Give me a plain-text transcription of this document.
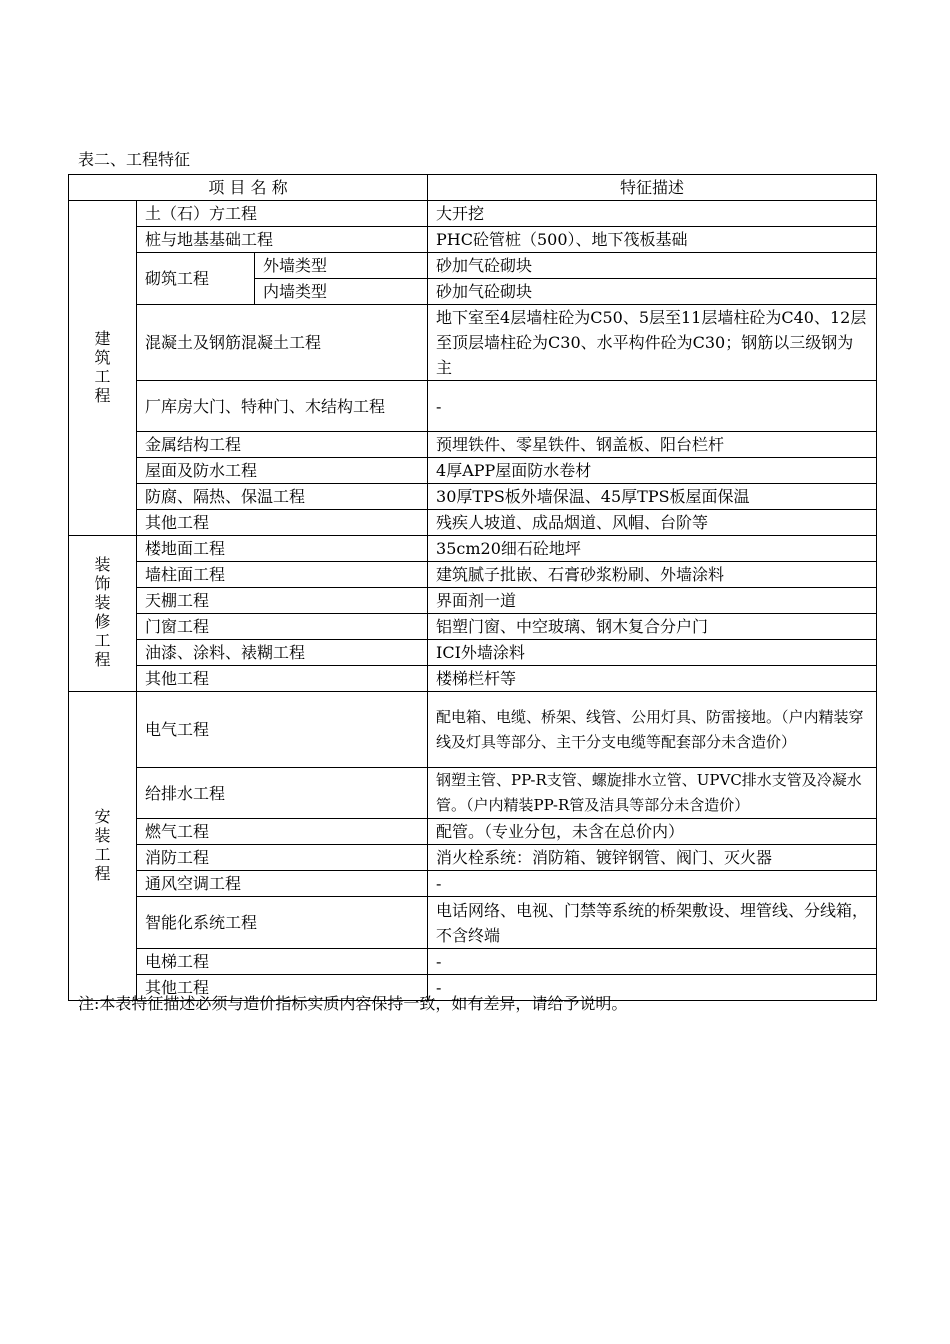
表二、工程特征
项 目 名 称			特征描述
建筑工程	土（石）方工程		大开挖
	桩与地基基础工程		PHC砼管桩（500）、地下筏板基础
	砌筑工程	外墙类型	砂加气砼砌块
		内墙类型	砂加气砼砌块
	混凝土及钢筋混凝土工程		地下室至4层墙柱砼为C50、5层至11层墙柱砼为C40、12层至顶层墙柱砼为C30、水平构件砼为C30；钢筋以三级钢为主
	厂库房大门、特种门、木结构工程		-
	金属结构工程		预埋铁件、零星铁件、钢盖板、阳台栏杆
	屋面及防水工程		4厚APP屋面防水卷材
	防腐、隔热、保温工程		30厚TPS板外墙保温、45厚TPS板屋面保温
	其他工程		残疾人坡道、成品烟道、风帽、台阶等
装饰装修工程	楼地面工程		35cm20细石砼地坪
	墙柱面工程		建筑腻子批嵌、石膏砂浆粉刷、外墙涂料
	天棚工程		界面剂一道
	门窗工程		铝塑门窗、中空玻璃、钢木复合分户门
	油漆、涂料、裱糊工程		ICI外墙涂料
	其他工程		楼梯栏杆等
安装工程	电气工程		配电箱、电缆、桥架、线管、公用灯具、防雷接地。（户内精装穿线及灯具等部分、主干分支电缆等配套部分未含造价）
	给排水工程		钢塑主管、PP-R支管、螺旋排水立管、UPVC排水支管及冷凝水管。（户内精装PP-R管及洁具等部分未含造价）
	燃气工程		配管。（专业分包，未含在总价内）
	消防工程		消火栓系统：消防箱、镀锌钢管、阀门、灭火器
	通风空调工程		-
	智能化系统工程		电话网络、电视、门禁等系统的桥架敷设、埋管线、分线箱，不含终端
	电梯工程		-
	其他工程		-
注:本表特征描述必须与造价指标实质内容保持一致，如有差异，请给予说明。
